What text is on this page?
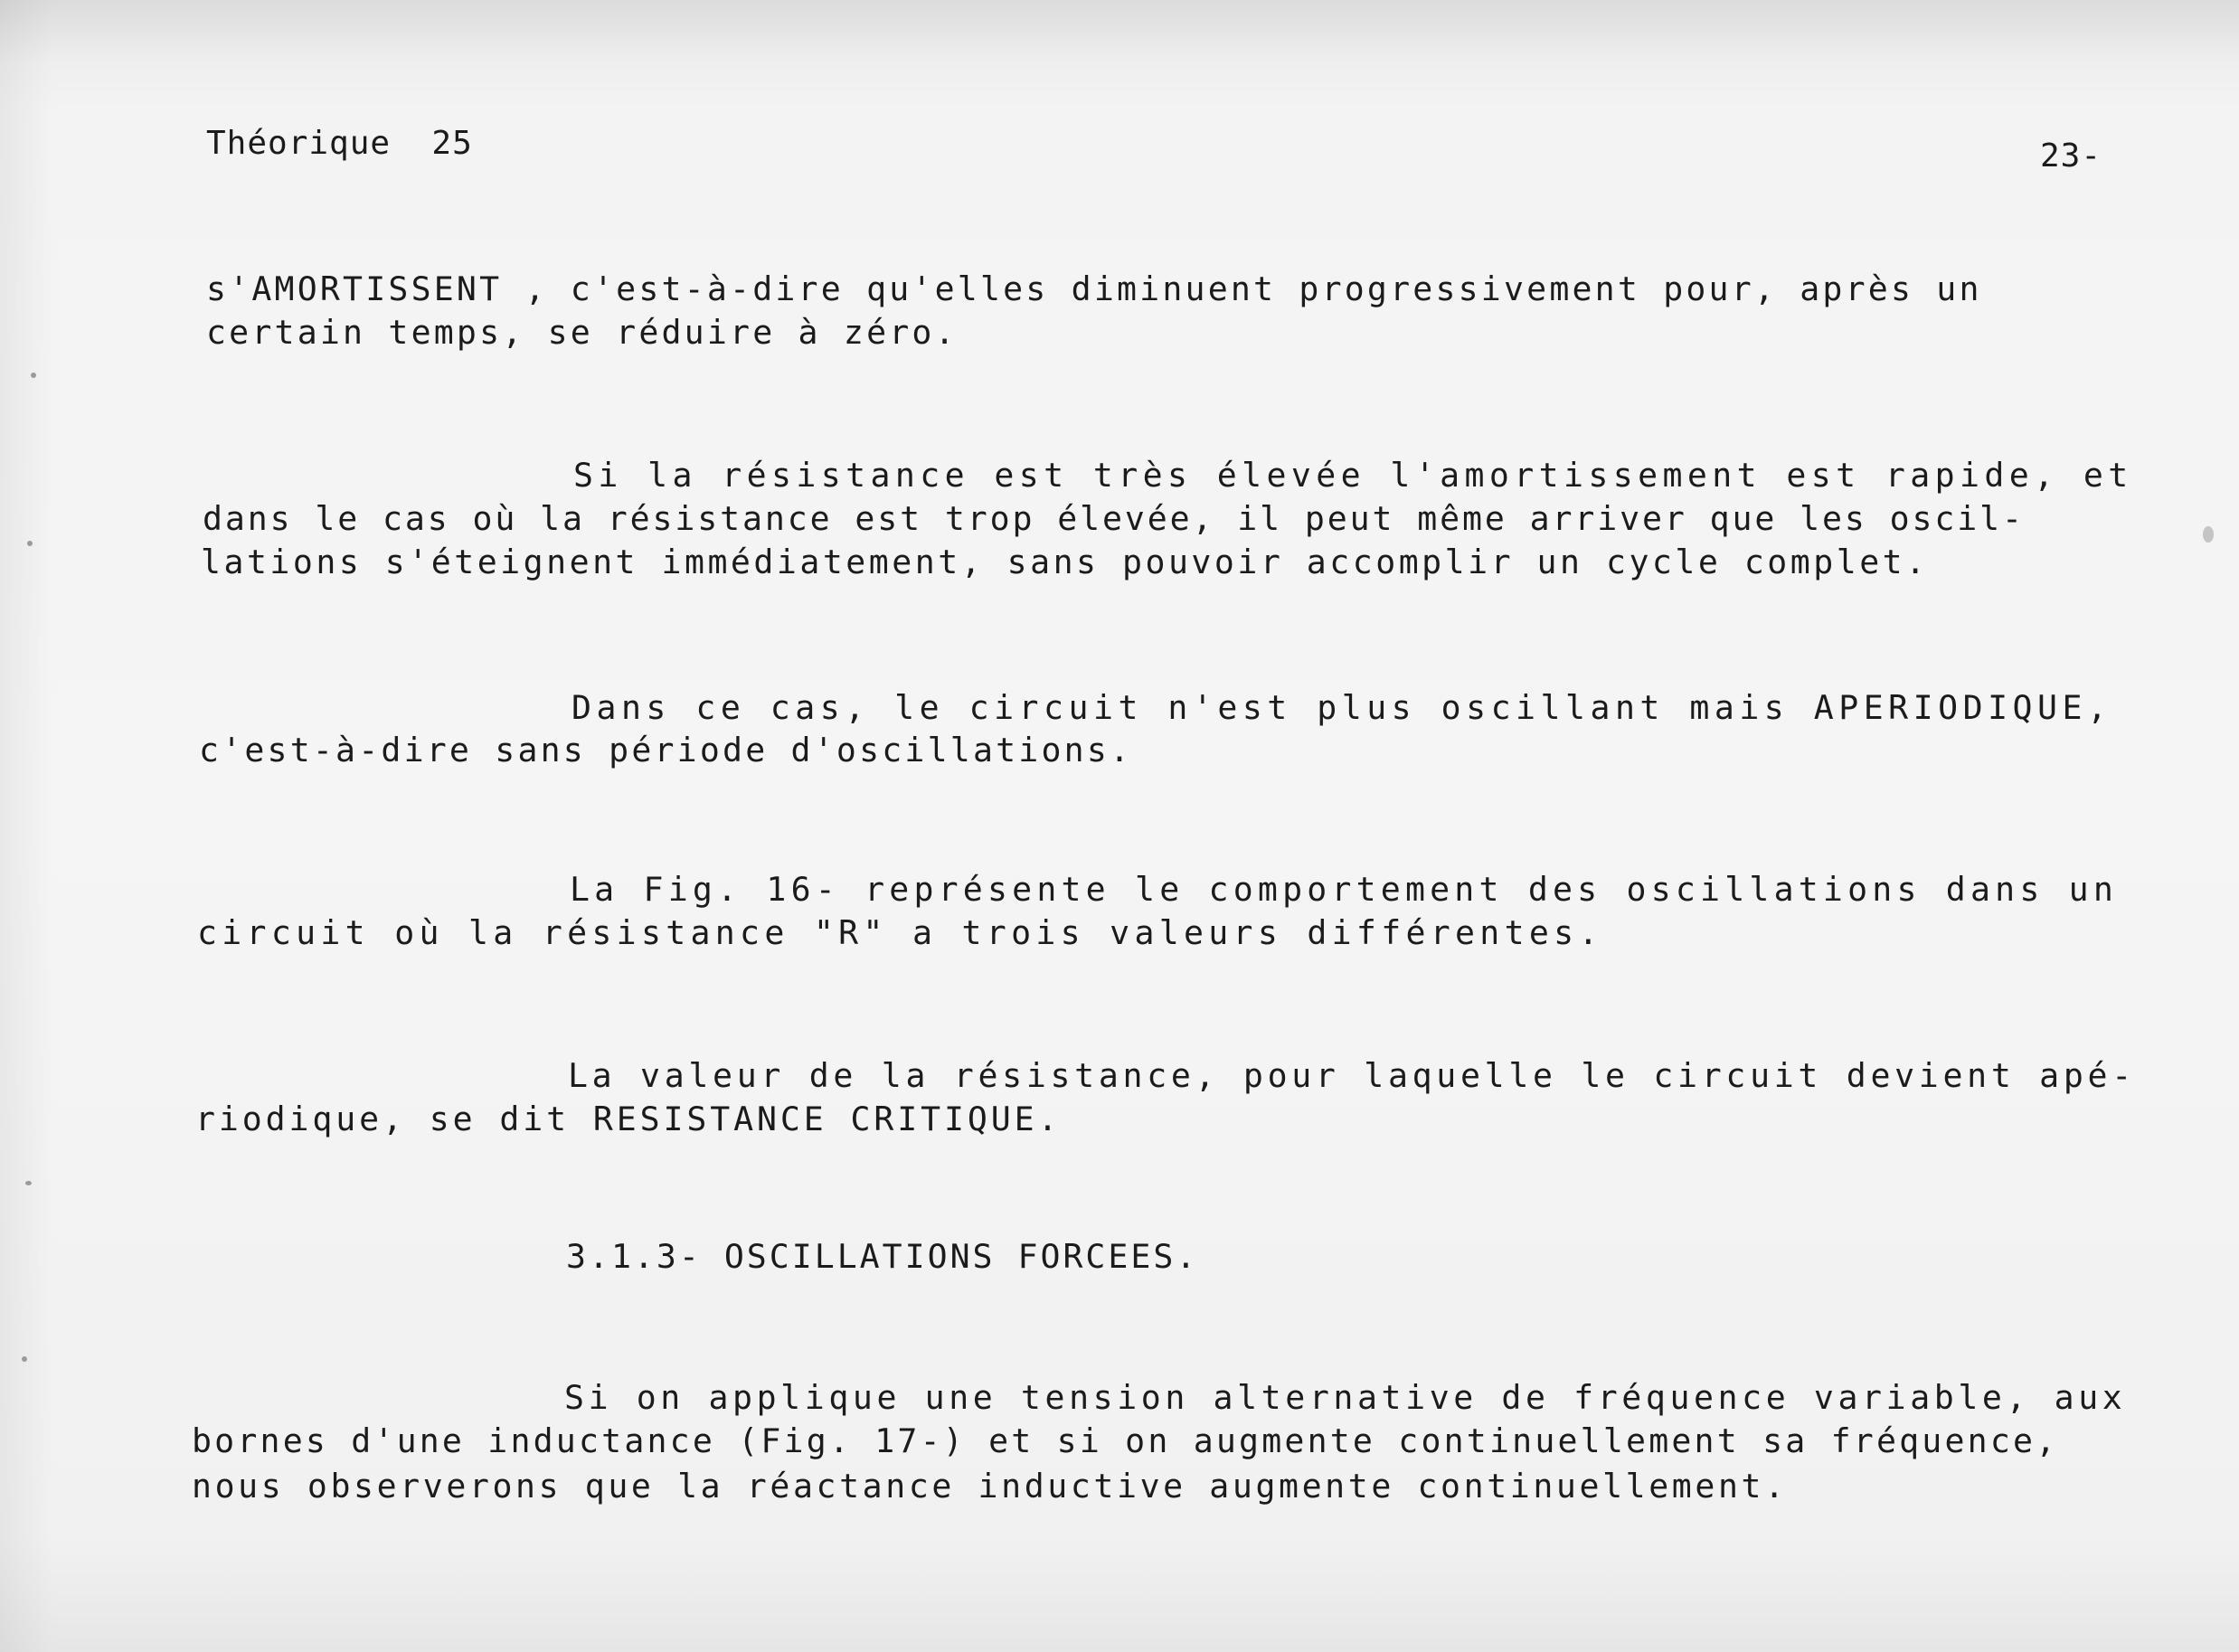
Théorique  25	23-
s'AMORTISSENT , c'est-à-dire qu'elles diminuent progressivement pour, après un
certain temps, se réduire à zéro.
Si la résistance est très élevée l'amortissement est rapide, et
dans le cas où la résistance est trop élevée, il peut même arriver que les oscil-
lations s'éteignent immédiatement, sans pouvoir accomplir un cycle complet.
Dans ce cas, le circuit n'est plus oscillant mais APERIODIQUE,
c'est-à-dire sans période d'oscillations.
La Fig. 16- représente le comportement des oscillations dans un
circuit où la résistance "R" a trois valeurs différentes.
La valeur de la résistance, pour laquelle le circuit devient apé-
riodique, se dit RESISTANCE CRITIQUE.
3.1.3- OSCILLATIONS FORCEES.
Si on applique une tension alternative de fréquence variable, aux
bornes d'une inductance (Fig. 17-) et si on augmente continuellement sa fréquence,
nous observerons que la réactance inductive augmente continuellement.
